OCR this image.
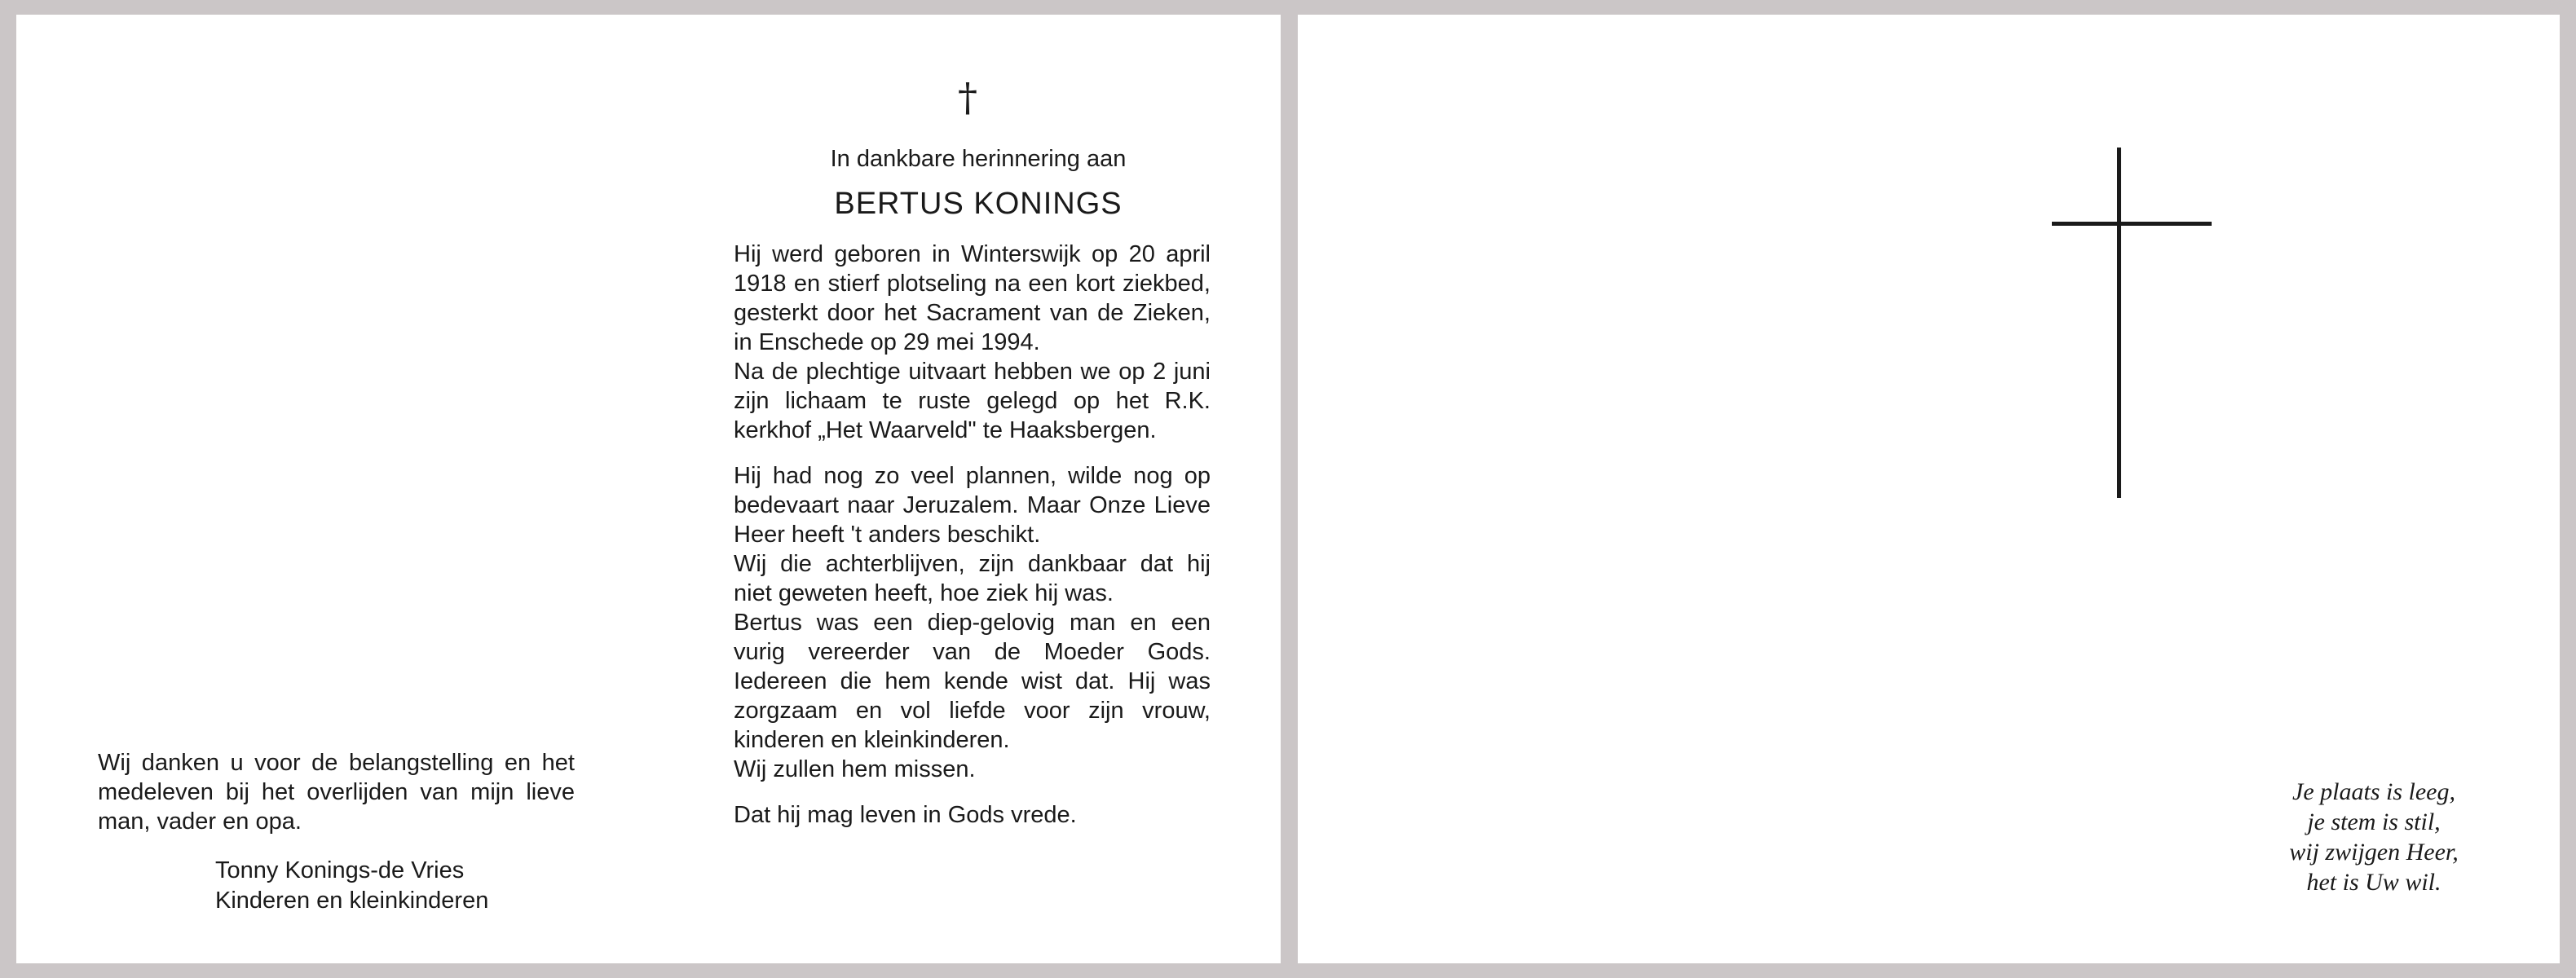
†
In dankbare herinnering aan
BERTUS KONINGS

Hij werd geboren in Winterswijk op 20 april 1918 en stierf plotseling na een kort ziekbed, gesterkt door het Sacrament van de Zieken, in Enschede op 29 mei 1994.

Na de plechtige uitvaart hebben we op 2 juni zijn lichaam te ruste gelegd op het R.K. kerkhof „Het Waarveld" te Haaksbergen.

Hij had nog zo veel plannen, wilde nog op bedevaart naar Jeruzalem. Maar Onze Lieve Heer heeft 't anders beschikt.

Wij die achterblijven, zijn dankbaar dat hij niet geweten heeft, hoe ziek hij was.

Bertus was een diep-gelovig man en een vurig vereerder van de Moeder Gods. Iedereen die hem kende wist dat. Hij was zorgzaam en vol liefde voor zijn vrouw, kinderen en kleinkinderen.

Wij zullen hem missen.

Dat hij mag leven in Gods vrede.

Wij danken u voor de belangstelling en het medeleven bij het overlijden van mijn lieve man, vader en opa.

Tonny Konings-de Vries
Kinderen en kleinkinderen
Je plaats is leeg,
je stem is stil,
wij zwijgen Heer,
het is Uw wil.
